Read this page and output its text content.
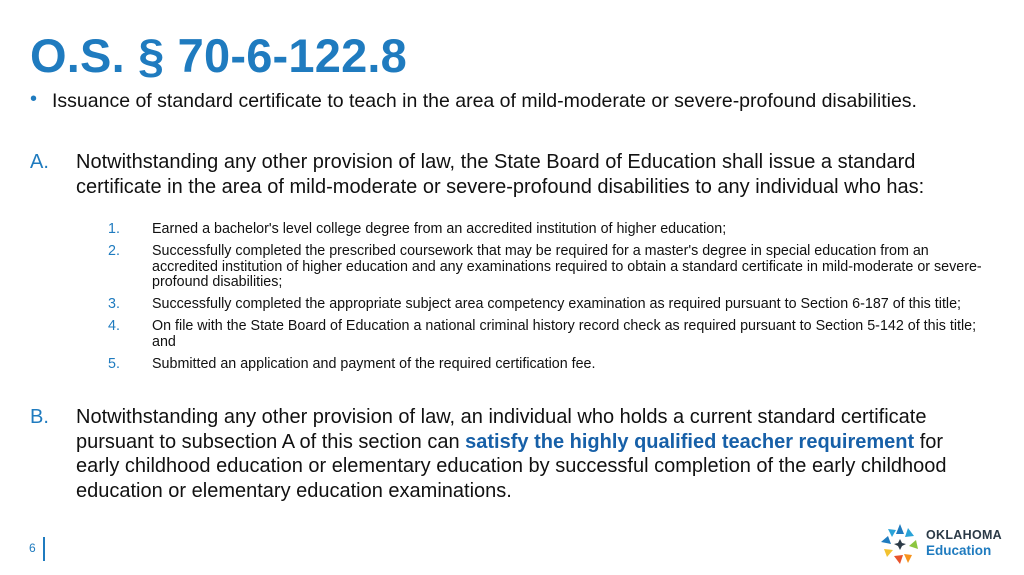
O.S. § 70-6-122.8
• Issuance of standard certificate to teach in the area of mild-moderate or severe-profound disabilities.
A. Notwithstanding any other provision of law, the State Board of Education shall issue a standard certificate in the area of mild-moderate or severe-profound disabilities to any individual who has:
1. Earned a bachelor's level college degree from an accredited institution of higher education;
2. Successfully completed the prescribed coursework that may be required for a master's degree in special education from an accredited institution of higher education and any examinations required to obtain a standard certificate in mild-moderate or severe-profound disabilities;
3. Successfully completed the appropriate subject area competency examination as required pursuant to Section 6-187 of this title;
4. On file with the State Board of Education a national criminal history record check as required pursuant to Section 5-142 of this title; and
5. Submitted an application and payment of the required certification fee.
B. Notwithstanding any other provision of law, an individual who holds a current standard certificate pursuant to subsection A of this section can satisfy the highly qualified teacher requirement for early childhood education or elementary education by successful completion of the early childhood education or elementary education examinations.
6
OKLAHOMA
Education
